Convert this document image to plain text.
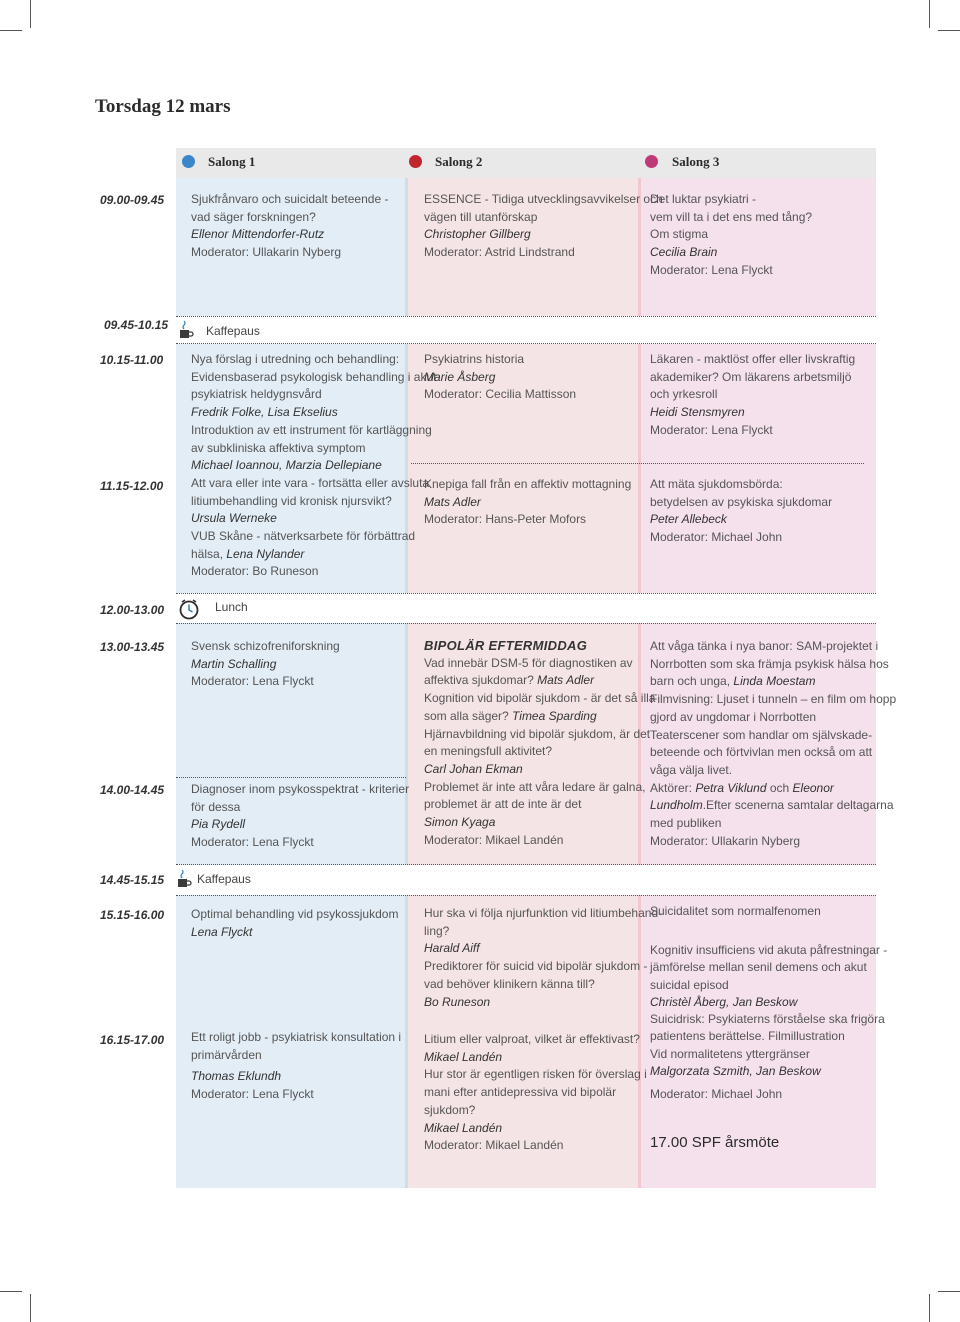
Torsdag 12 mars
Salong 1	Salong 2	Salong 3
09.00-09.45
09.45-10.15
10.15-11.00
11.15-12.00
12.00-13.00
13.00-13.45
14.00-14.45
14.45-15.15
15.15-16.00
16.15-17.00
Kaffepaus
Lunch
Kaffepaus
Sjukfrånvaro och suicidalt beteende -
vad säger forskningen?
Ellenor Mittendorfer-Rutz
Moderator: Ullakarin Nyberg
Nya förslag i utredning och behandling:
Evidensbaserad psykologisk behandling i akut
psykiatrisk heldygnsvård
Fredrik Folke, Lisa Ekselius
Introduktion av ett instrument för kartläggning
av subkliniska affektiva symptom
Michael Ioannou, Marzia Dellepiane
Att vara eller inte vara - fortsätta eller avsluta
litiumbehandling vid kronisk njursvikt?
Ursula Werneke
VUB Skåne - nätverksarbete för förbättrad
hälsa, Lena Nylander
Moderator: Bo Runeson
Svensk schizofreniforskning
Martin Schalling
Moderator: Lena Flyckt
Diagnoser inom psykosspektrat - kriterier
för dessa
Pia Rydell
Moderator: Lena Flyckt
Optimal behandling vid psykossjukdom
Lena Flyckt
Ett roligt jobb - psykiatrisk konsultation i
primärvården
Thomas Eklundh
Moderator: Lena Flyckt
ESSENCE - Tidiga utvecklingsavvikelser och
vägen till utanförskap
Christopher Gillberg
Moderator: Astrid Lindstrand
Psykiatrins historia
Marie Åsberg
Moderator: Cecilia Mattisson
Knepiga fall från en affektiv mottagning
Mats Adler
Moderator: Hans-Peter Mofors
BIPOLÄR EFTERMIDDAG
Vad innebär DSM-5 för diagnostiken av
affektiva sjukdomar? Mats Adler
Kognition vid bipolär sjukdom - är det så illa
som alla säger? Timea Sparding
Hjärnavbildning vid bipolär sjukdom, är det
en meningsfull aktivitet?
Carl Johan Ekman
Problemet är inte att våra ledare är galna,
problemet är att de inte är det
Simon Kyaga
Moderator: Mikael Landén
Hur ska vi följa njurfunktion vid litiumbehand-
ling?
Harald Aiff
Prediktorer för suicid vid bipolär sjukdom -
vad behöver klinikern känna till?
Bo Runeson
Litium eller valproat, vilket är effektivast?
Mikael Landén
Hur stor är egentligen risken för överslag i
mani efter antidepressiva vid bipolär
sjukdom?
Mikael Landén
Moderator: Mikael Landén
Det luktar psykiatri -
vem vill ta i det ens med tång?
Om stigma
Cecilia Brain
Moderator: Lena Flyckt
Läkaren - maktlöst offer eller livskraftig
akademiker? Om läkarens arbetsmiljö
och yrkesroll
Heidi Stensmyren
Moderator: Lena Flyckt
Att mäta sjukdomsbörda:
betydelsen av psykiska sjukdomar
Peter Allebeck
Moderator: Michael John
Att våga tänka i nya banor: SAM-projektet i
Norrbotten som ska främja psykisk hälsa hos
barn och unga, Linda Moestam
Filmvisning: Ljuset i tunneln – en film om hopp
gjord av ungdomar i Norrbotten
Teaterscener som handlar om självskade-
beteende och förtvivlan men också om att
våga välja livet.
Aktörer: Petra Viklund och Eleonor
Lundholm.Efter scenerna samtalar deltagarna
med publiken
Moderator: Ullakarin Nyberg
Suicidalitet som normalfenomen
Kognitiv insufficiens vid akuta påfrestningar -
jämförelse mellan senil demens och akut
suicidal episod
Christèl Åberg, Jan Beskow
Suicidrisk: Psykiaterns förståelse ska frigöra
patientens berättelse. Filmillustration
Vid normalitetens yttergränser
Malgorzata Szmith, Jan Beskow
Moderator: Michael John
17.00 SPF årsmöte
